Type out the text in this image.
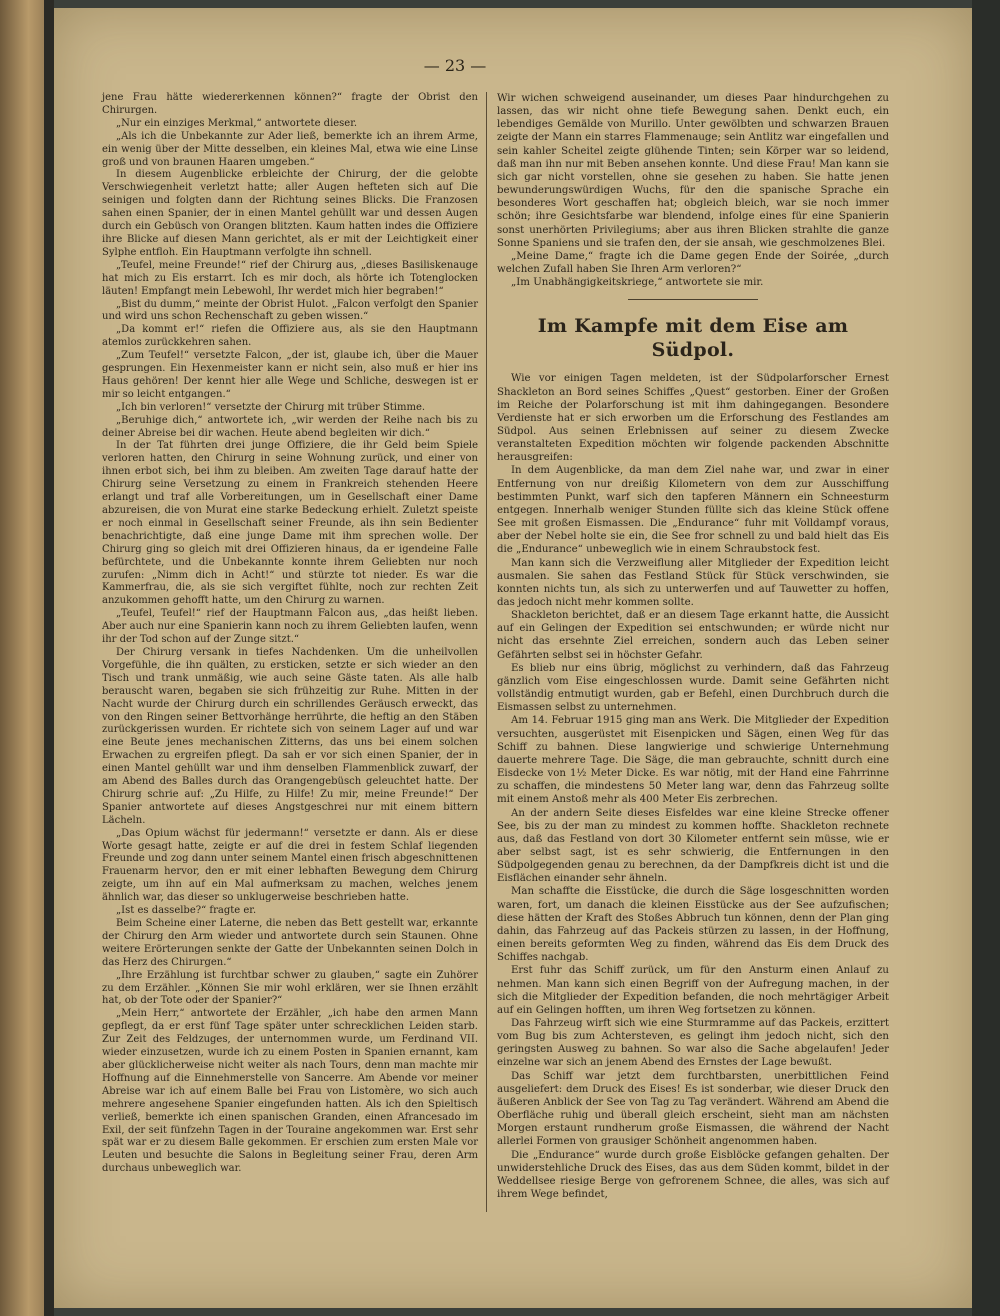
— 23 —

jene Frau hätte wiedererkennen können?“ fragte der Obrist den Chirurgen.

„Nur ein einziges Merkmal,“ antwortete dieser.

„Als ich die Unbekannte zur Ader ließ, bemerkte ich an ihrem Arme, ein wenig über der Mitte desselben, ein kleines Mal, etwa wie eine Linse groß und von braunen Haaren umgeben.“

In diesem Augenblicke erbleichte der Chirurg, der die gelobte Verschwiegenheit verletzt hatte; aller Augen hefteten sich auf Die seinigen und folgten dann der Richtung seines Blicks. Die Franzosen sahen einen Spanier, der in einen Mantel gehüllt war und dessen Augen durch ein Gebüsch von Orangen blitzten. Kaum hatten indes die Offiziere ihre Blicke auf diesen Mann gerichtet, als er mit der Leichtigkeit einer Sylphe entfloh. Ein Hauptmann verfolgte ihn schnell.

„Teufel, meine Freunde!“ rief der Chirurg aus, „dieses Basiliskenauge hat mich zu Eis erstarrt. Ich es mir doch, als hörte ich Totenglocken läuten! Empfangt mein Lebewohl, Ihr werdet mich hier begraben!“

„Bist du dumm,“ meinte der Obrist Hulot. „Falcon verfolgt den Spanier und wird uns schon Rechenschaft zu geben wissen.“

„Da kommt er!“ riefen die Offiziere aus, als sie den Hauptmann atemlos zurückkehren sahen.

„Zum Teufel!“ versetzte Falcon, „der ist, glaube ich, über die Mauer gesprungen. Ein Hexenmeister kann er nicht sein, also muß er hier ins Haus gehören! Der kennt hier alle Wege und Schliche, deswegen ist er mir so leicht entgangen.“

„Ich bin verloren!“ versetzte der Chirurg mit trüber Stimme.

„Beruhige dich,“ antwortete ich, „wir werden der Reihe nach bis zu deiner Abreise bei dir wachen. Heute abend begleiten wir dich.“

In der Tat führten drei junge Offiziere, die ihr Geld beim Spiele verloren hatten, den Chirurg in seine Wohnung zurück, und einer von ihnen erbot sich, bei ihm zu bleiben. Am zweiten Tage darauf hatte der Chirurg seine Versetzung zu einem in Frankreich stehenden Heere erlangt und traf alle Vorbereitungen, um in Gesellschaft einer Dame abzureisen, die von Murat eine starke Bedeckung erhielt. Zuletzt speiste er noch einmal in Gesellschaft seiner Freunde, als ihn sein Bedienter benachrichtigte, daß eine junge Dame mit ihm sprechen wolle. Der Chirurg ging so gleich mit drei Offizieren hinaus, da er igendeine Falle befürchtete, und die Unbekannte konnte ihrem Geliebten nur noch zurufen: „Nimm dich in Acht!“ und stürzte tot nieder. Es war die Kammerfrau, die, als sie sich vergiftet fühlte, noch zur rechten Zeit anzukommen gehofft hatte, um den Chirurg zu warnen.

„Teufel, Teufel!“ rief der Hauptmann Falcon aus, „das heißt lieben. Aber auch nur eine Spanierin kann noch zu ihrem Geliebten laufen, wenn ihr der Tod schon auf der Zunge sitzt.“

Der Chirurg versank in tiefes Nachdenken. Um die unheilvollen Vorgefühle, die ihn quälten, zu ersticken, setzte er sich wieder an den Tisch und trank unmäßig, wie auch seine Gäste taten. Als alle halb berauscht waren, begaben sie sich frühzeitig zur Ruhe. Mitten in der Nacht wurde der Chirurg durch ein schrillendes Geräusch erweckt, das von den Ringen seiner Bettvorhänge herrührte, die heftig an den Stäben zurückgerissen wurden. Er richtete sich von seinem Lager auf und war eine Beute jenes mechanischen Zitterns, das uns bei einem solchen Erwachen zu ergreifen pflegt. Da sah er vor sich einen Spanier, der in einen Mantel gehüllt war und ihm denselben Flammenblick zuwarf, der am Abend des Balles durch das Orangengebüsch geleuchtet hatte. Der Chirurg schrie auf: „Zu Hilfe, zu Hilfe! Zu mir, meine Freunde!“ Der Spanier antwortete auf dieses Angstgeschrei nur mit einem bittern Lächeln.

„Das Opium wächst für jedermann!“ versetzte er dann. Als er diese Worte gesagt hatte, zeigte er auf die drei in festem Schlaf liegenden Freunde und zog dann unter seinem Mantel einen frisch abgeschnittenen Frauenarm hervor, den er mit einer lebhaften Bewegung dem Chirurg zeigte, um ihn auf ein Mal aufmerksam zu machen, welches jenem ähnlich war, das dieser so unklugerweise beschrieben hatte.

„Ist es dasselbe?“ fragte er.

Beim Scheine einer Laterne, die neben das Bett gestellt war, erkannte der Chirurg den Arm wieder und antwortete durch sein Staunen. Ohne weitere Erörterungen senkte der Gatte der Unbekannten seinen Dolch in das Herz des Chirurgen.“

„Ihre Erzählung ist furchtbar schwer zu glauben,“ sagte ein Zuhörer zu dem Erzähler. „Können Sie mir wohl erklären, wer sie Ihnen erzählt hat, ob der Tote oder der Spanier?“

„Mein Herr,“ antwortete der Erzähler, „ich habe den armen Mann gepflegt, da er erst fünf Tage später unter schrecklichen Leiden starb. Zur Zeit des Feldzuges, der unternommen wurde, um Ferdinand VII. wieder einzusetzen, wurde ich zu einem Posten in Spanien ernannt, kam aber glücklicherweise nicht weiter als nach Tours, denn man machte mir Hoffnung auf die Einnehmerstelle von Sancerre. Am Abende vor meiner Abreise war ich auf einem Balle bei Frau von Listomère, wo sich auch mehrere angesehene Spanier eingefunden hatten. Als ich den Spieltisch verließ, bemerkte ich einen spanischen Granden, einen Afrancesado im Exil, der seit fünfzehn Tagen in der Touraine angekommen war. Erst sehr spät war er zu diesem Balle gekommen. Er erschien zum ersten Male vor Leuten und besuchte die Salons in Begleitung seiner Frau, deren Arm durchaus unbeweglich war.

Wir wichen schweigend auseinander, um dieses Paar hindurchgehen zu lassen, das wir nicht ohne tiefe Bewegung sahen. Denkt euch, ein lebendiges Gemälde von Murillo. Unter gewölbten und schwarzen Brauen zeigte der Mann ein starres Flammenauge; sein Antlitz war eingefallen und sein kahler Scheitel zeigte glühende Tinten; sein Körper war so leidend, daß man ihn nur mit Beben ansehen konnte. Und diese Frau! Man kann sie sich gar nicht vorstellen, ohne sie gesehen zu haben. Sie hatte jenen bewunderungswürdigen Wuchs, für den die spanische Sprache ein besonderes Wort geschaffen hat; obgleich bleich, war sie noch immer schön; ihre Gesichtsfarbe war blendend, infolge eines für eine Spanierin sonst unerhörten Privilegiums; aber aus ihren Blicken strahlte die ganze Sonne Spaniens und sie trafen den, der sie ansah, wie geschmolzenes Blei.

„Meine Dame,“ fragte ich die Dame gegen Ende der Soirée, „durch welchen Zufall haben Sie Ihren Arm verloren?“

„Im Unabhängigkeitskriege,“ antwortete sie mir.

Im Kampfe mit dem Eise am Südpol.

Wie vor einigen Tagen meldeten, ist der Südpolarforscher Ernest Shackleton an Bord seines Schiffes „Quest“ gestorben. Einer der Großen im Reiche der Polarforschung ist mit ihm dahingegangen. Besondere Verdienste hat er sich erworben um die Erforschung des Festlandes am Südpol. Aus seinen Erlebnissen auf seiner zu diesem Zwecke veranstalteten Expedition möchten wir folgende packenden Abschnitte herausgreifen:

In dem Augenblicke, da man dem Ziel nahe war, und zwar in einer Entfernung von nur dreißig Kilometern von dem zur Ausschiffung bestimmten Punkt, warf sich den tapferen Männern ein Schneesturm entgegen. Innerhalb weniger Stunden füllte sich das kleine Stück offene See mit großen Eismassen. Die „Endurance“ fuhr mit Volldampf voraus, aber der Nebel holte sie ein, die See fror schnell zu und bald hielt das Eis die „Endurance“ unbeweglich wie in einem Schraubstock fest.

Man kann sich die Verzweiflung aller Mitglieder der Expedition leicht ausmalen. Sie sahen das Festland Stück für Stück verschwinden, sie konnten nichts tun, als sich zu unterwerfen und auf Tauwetter zu hoffen, das jedoch nicht mehr kommen sollte.

Shackleton berichtet, daß er an diesem Tage erkannt hatte, die Aussicht auf ein Gelingen der Expedition sei entschwunden; er würde nicht nur nicht das ersehnte Ziel erreichen, sondern auch das Leben seiner Gefährten selbst sei in höchster Gefahr.

Es blieb nur eins übrig, möglichst zu verhindern, daß das Fahrzeug gänzlich vom Eise eingeschlossen wurde. Damit seine Gefährten nicht vollständig entmutigt wurden, gab er Befehl, einen Durchbruch durch die Eismassen selbst zu unternehmen.

Am 14. Februar 1915 ging man ans Werk. Die Mitglieder der Expedition versuchten, ausgerüstet mit Eisenpicken und Sägen, einen Weg für das Schiff zu bahnen. Diese langwierige und schwierige Unternehmung dauerte mehrere Tage. Die Säge, die man gebrauchte, schnitt durch eine Eisdecke von 1½ Meter Dicke. Es war nötig, mit der Hand eine Fahrrinne zu schaffen, die mindestens 50 Meter lang war, denn das Fahrzeug sollte mit einem Anstoß mehr als 400 Meter Eis zerbrechen.

An der andern Seite dieses Eisfeldes war eine kleine Strecke offener See, bis zu der man zu mindest zu kommen hoffte. Shackleton rechnete aus, daß das Festland von dort 30 Kilometer entfernt sein müsse, wie er aber selbst sagt, ist es sehr schwierig, die Entfernungen in den Südpolgegenden genau zu berechnen, da der Dampfkreis dicht ist und die Eisflächen einander sehr ähneln.

Man schaffte die Eisstücke, die durch die Säge losgeschnitten worden waren, fort, um danach die kleinen Eisstücke aus der See aufzufischen; diese hätten der Kraft des Stoßes Abbruch tun können, denn der Plan ging dahin, das Fahrzeug auf das Packeis stürzen zu lassen, in der Hoffnung, einen bereits geformten Weg zu finden, während das Eis dem Druck des Schiffes nachgab.

Erst fuhr das Schiff zurück, um für den Ansturm einen Anlauf zu nehmen. Man kann sich einen Begriff von der Aufregung machen, in der sich die Mitglieder der Expedition befanden, die noch mehrtägiger Arbeit auf ein Gelingen hofften, um ihren Weg fortsetzen zu können.

Das Fahrzeug wirft sich wie eine Sturmramme auf das Packeis, erzittert vom Bug bis zum Achtersteven, es gelingt ihm jedoch nicht, sich den geringsten Ausweg zu bahnen. So war also die Sache abgelaufen! Jeder einzelne war sich an jenem Abend des Ernstes der Lage bewußt.

Das Schiff war jetzt dem furchtbarsten, unerbittlichen Feind ausgeliefert: dem Druck des Eises! Es ist sonderbar, wie dieser Druck den äußeren Anblick der See von Tag zu Tag verändert. Während am Abend die Oberfläche ruhig und überall gleich erscheint, sieht man am nächsten Morgen erstaunt rundherum große Eismassen, die während der Nacht allerlei Formen von grausiger Schönheit angenommen haben.

Die „Endurance“ wurde durch große Eisblöcke gefangen gehalten. Der unwiderstehliche Druck des Eises, das aus dem Süden kommt, bildet in der Weddellsee riesige Berge von gefrorenem Schnee, die alles, was sich auf ihrem Wege befindet,
